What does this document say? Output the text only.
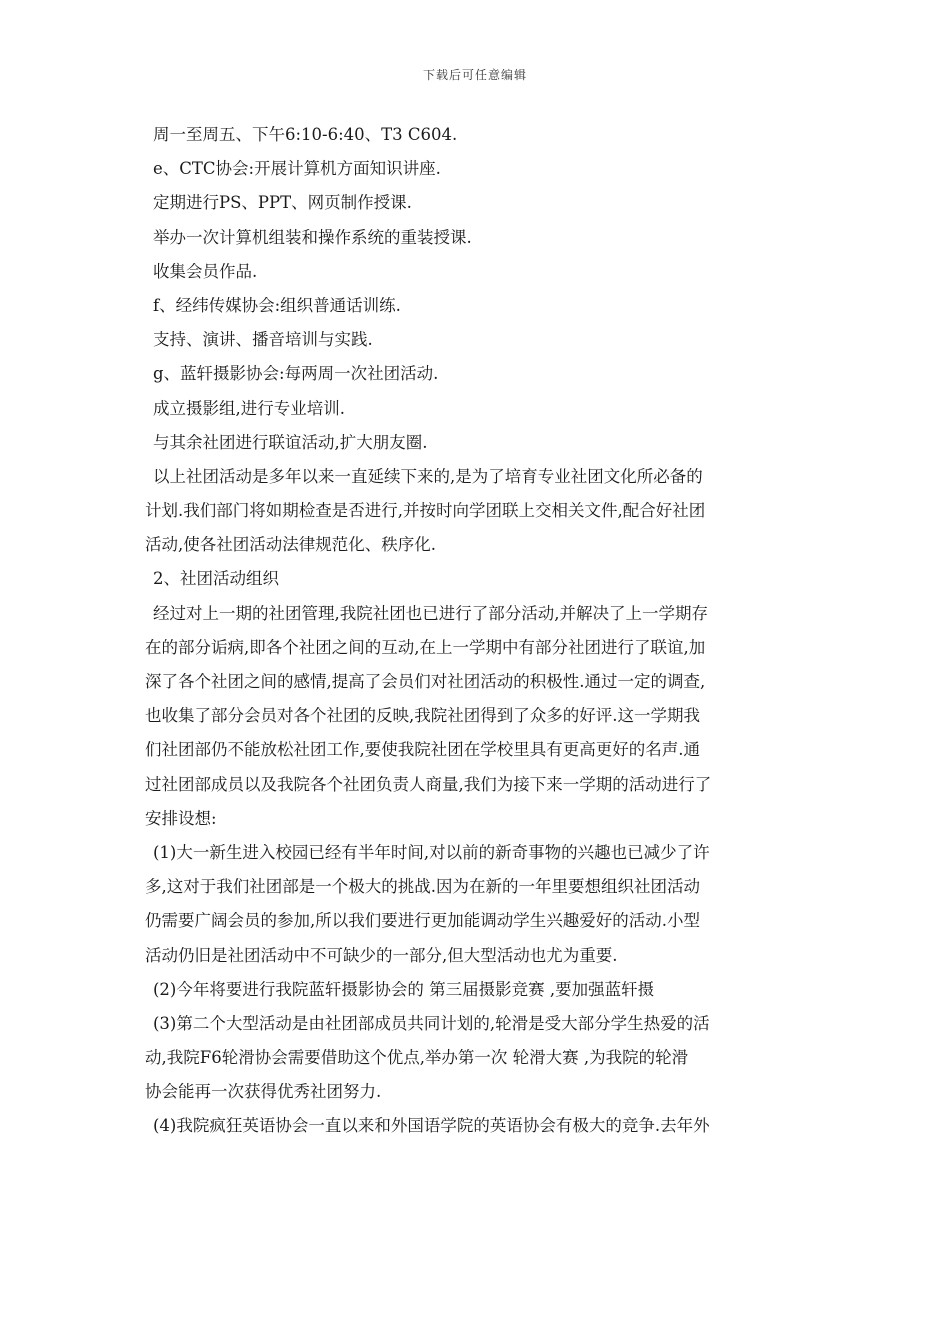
下载后可任意编辑
周一至周五、下午6:10-6:40、T3 C604.
e、CTC协会:开展计算机方面知识讲座.
定期进行PS、PPT、网页制作授课.
举办一次计算机组装和操作系统的重装授课.
收集会员作品.
f、经纬传媒协会:组织普通话训练.
支持、演讲、播音培训与实践.
g、蓝轩摄影协会:每两周一次社团活动.
成立摄影组,进行专业培训.
与其余社团进行联谊活动,扩大朋友圈.
以上社团活动是多年以来一直延续下来的,是为了培育专业社团文化所必备的
计划.我们部门将如期检查是否进行,并按时向学团联上交相关文件,配合好社团
活动,使各社团活动法律规范化、秩序化.
2、社团活动组织
经过对上一期的社团管理,我院社团也已进行了部分活动,并解决了上一学期存
在的部分诟病,即各个社团之间的互动,在上一学期中有部分社团进行了联谊,加
深了各个社团之间的感情,提高了会员们对社团活动的积极性.通过一定的调查,
也收集了部分会员对各个社团的反映,我院社团得到了众多的好评.这一学期我
们社团部仍不能放松社团工作,要使我院社团在学校里具有更高更好的名声.通
过社团部成员以及我院各个社团负责人商量,我们为接下来一学期的活动进行了
安排设想:
(1)大一新生进入校园已经有半年时间,对以前的新奇事物的兴趣也已减少了许
多,这对于我们社团部是一个极大的挑战.因为在新的一年里要想组织社团活动
仍需要广阔会员的参加,所以我们要进行更加能调动学生兴趣爱好的活动.小型
活动仍旧是社团活动中不可缺少的一部分,但大型活动也尤为重要.
(2)今年将要进行我院蓝轩摄影协会的 第三届摄影竞赛 ,要加强蓝轩摄
(3)第二个大型活动是由社团部成员共同计划的,轮滑是受大部分学生热爱的活
动,我院F6轮滑协会需要借助这个优点,举办第一次 轮滑大赛 ,为我院的轮滑
协会能再一次获得优秀社团努力.
(4)我院疯狂英语协会一直以来和外国语学院的英语协会有极大的竞争.去年外
